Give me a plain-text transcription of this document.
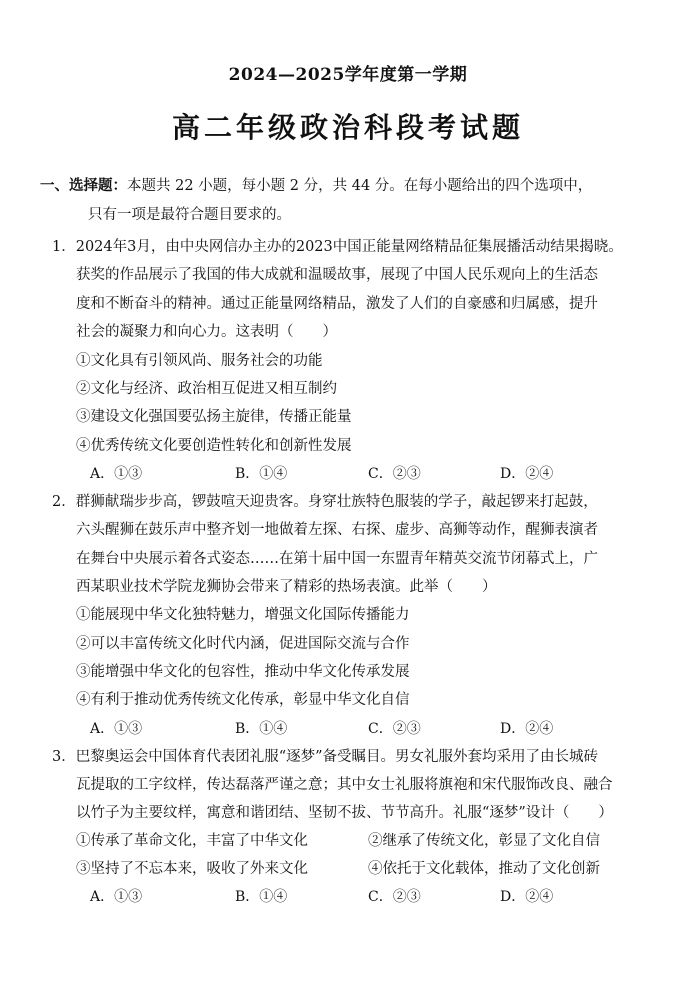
2024—2025学年度第一学期
高二年级政治科段考试题
一、选择题：本题共 22 小题，每小题 2 分，共 44 分。在每小题给出的四个选项中，
只有一项是最符合题目要求的。
1．2024年3月，由中央网信办主办的2023中国正能量网络精品征集展播活动结果揭晓。
获奖的作品展示了我国的伟大成就和温暖故事，展现了中国人民乐观向上的生活态
度和不断奋斗的精神。通过正能量网络精品，激发了人们的自豪感和归属感，提升
社会的凝聚力和向心力。这表明（　　）
①文化具有引领风尚、服务社会的功能
②文化与经济、政治相互促进又相互制约
③建设文化强国要弘扬主旋律，传播正能量
④优秀传统文化要创造性转化和创新性发展
A．①③	B．①④	C．②③	D．②④
2．群狮献瑞步步高，锣鼓喧天迎贵客。身穿壮族特色服装的学子，敲起锣来打起鼓，
六头醒狮在鼓乐声中整齐划一地做着左探、右探、虚步、高狮等动作，醒狮表演者
在舞台中央展示着各式姿态……在第十届中国一东盟青年精英交流节闭幕式上，广
西某职业技术学院龙狮协会带来了精彩的热场表演。此举（　　）
①能展现中华文化独特魅力，增强文化国际传播能力
②可以丰富传统文化时代内涵，促进国际交流与合作
③能增强中华文化的包容性，推动中华文化传承发展
④有利于推动优秀传统文化传承，彰显中华文化自信
A．①③	B．①④	C．②③	D．②④
3．巴黎奥运会中国体育代表团礼服“逐梦”备受瞩目。男女礼服外套均采用了由长城砖
瓦提取的工字纹样，传达磊落严谨之意；其中女士礼服将旗袍和宋代服饰改良、融合
以竹子为主要纹样，寓意和谐团结、坚韧不拔、节节高升。礼服“逐梦”设计（　　）
①传承了革命文化，丰富了中华文化	②继承了传统文化，彰显了文化自信
③坚持了不忘本来，吸收了外来文化	④依托于文化载体，推动了文化创新
A．①③	B．①④	C．②③	D．②④
